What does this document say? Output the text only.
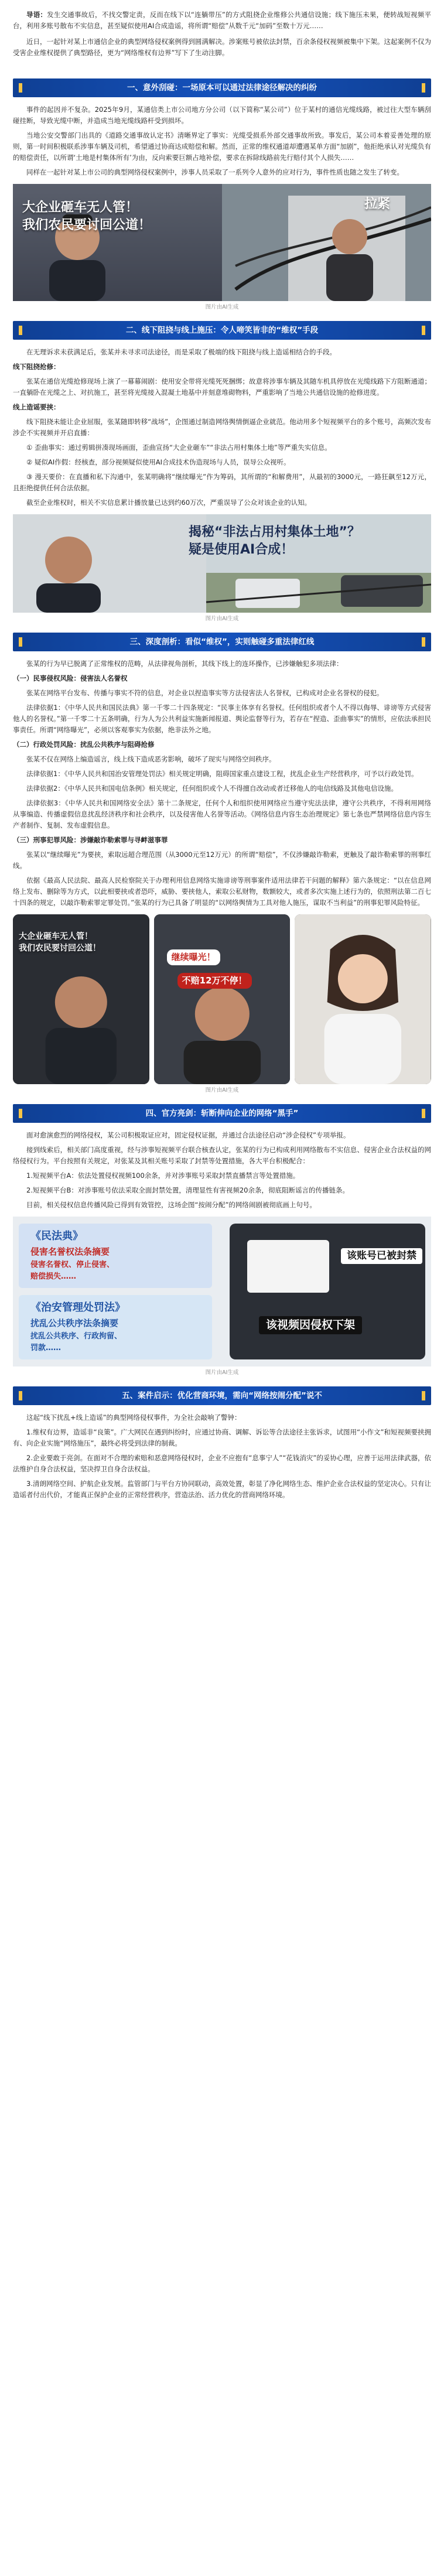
导语：发生交通事故后，不找交警定责，反而在线下以“连躺带压”的方式阻挠企业维修公共通信设施；线下施压未果，便转战短视频平台，利用多账号散布不实信息，甚至疑似使用AI合成造谣，将所谓“赔偿”从数千元“加码”至数十万元……

近日，一起针对某上市通信企业的典型网络侵权案例得到圆满解决。涉案账号被依法封禁，百余条侵权视频被集中下架。这起案例不仅为受害企业维权提供了典型路径，更为“网络维权有边界”写下了生动注脚。

一、意外刮碰：一场原本可以通过法律途径解决的纠纷

事件的起因并不复杂。2025年9月，某通信类上市公司地方分公司（以下简称“某公司”）位于某村的通信光缆线路，被过往大型车辆刮碰挂断，导致光缆中断，并造成当地光缆线路杆受到损坏。

当地公安交警部门出具的《道路交通事故认定书》清晰界定了事实：光缆受损系外部交通事故所致。事发后，某公司本着妥善处理的原则，第一时间积极联系涉事车辆及司机，希望通过协商达成赔偿和解。然而，正常的维权通道却遭遇某单方面“加剧”，他拒绝承认对光缆负有的赔偿责任，以所谓‘土地是村集体所有’为由，反向索要巨额占地补偿，要求在拆除线路前先行赔付其个人损失……

同样在一起针对某上市公司的典型网络侵权案例中，涉事人员采取了一系列令人意外的应对行为，事件性质也随之发生了转变。

大企业砸车无人管！
我们农民要讨回公道！
拉紧
图片由AI生成
二、线下阻挠与线上施压：令人啼笑皆非的“维权”手段

在无理诉求未获满足后，张某并未寻求司法途径，而是采取了极端的线下阻挠与线上造谣相结合的手段。

线下阻挠抢修：

张某在通信光缆抢修现场上演了一幕幕闹剧：使用安全带将光缆死死捆绑；故意将涉事车辆及其随车机具停放在光缆线路下方阻断通道；一直躺卧在光缆之上、对抗施工，甚至将光缆接入混凝土地基中并刻意堆砌物料，严重影响了当地公共通信设施的抢修进度。

线上造谣要挟：

线下阻挠未能让企业屈服，张某随即转移“战场”，企图通过制造网络舆情倒逼企业就范。他动用多个短视频平台的多个账号，高频次发布涉企不实视频并开启直播：

① 歪曲事实：通过剪辑拼凑现场画面，歪曲宣扬“大企业砸车”“非法占用村集体土地”等严重失实信息。

② 疑似AI作假：经核查，部分视频疑似使用AI合成技术伪造现场与人员，误导公众视听。

③ 漫天要价：在直播和私下沟通中，张某明确将“继续曝光”作为筹码，其所谓的“和解费用”，从最初的3000元，一路狂飙至12万元，且拒绝提供任何合法依据。

截至企业维权时，相关不实信息累计播放量已达到约60万次，严重误导了公众对该企业的认知。

揭秘“非法占用村集体土地”？
疑是使用AI合成！
图片由AI生成
三、深度剖析：看似“维权”，实则触碰多重法律红线

张某的行为早已脱离了正常维权的范畴，从法律视角剖析，其线下线上的连环操作，已涉嫌触犯多项法律：

（一）民事侵权风险：侵害法人名誉权

张某在网络平台发布、传播与事实不符的信息，对企业以捏造事实等方法侵害法人名誉权，已构成对企业名誉权的侵犯。

法律依据1：《中华人民共和国民法典》第一千零二十四条规定：“民事主体享有名誉权。任何组织或者个人不得以侮辱、诽谤等方式侵害他人的名誉权。”第一千零二十五条明确，行为人为公共利益实施新闻报道、舆论监督等行为，若存在“捏造、歪曲事实”的情形，应依法承担民事责任。所谓“网络曝光”，必须以客观事实为依据，绝非法外之地。

（二）行政处罚风险：扰乱公共秩序与阻碍抢修

张某不仅在网络上编造谣言，线上线下造成恶劣影响，破坏了现实与网络空间秩序。

法律依据1：《中华人民共和国治安管理处罚法》相关规定明确，阻碍国家重点建设工程，扰乱企业生产经营秩序，可予以行政处罚。

法律依据2：《中华人民共和国电信条例》相关规定，任何组织或个人不得擅自改动或者迁移他人的电信线路及其他电信设施。

法律依据3：《中华人民共和国网络安全法》第十二条规定，任何个人和组织使用网络应当遵守宪法法律，遵守公共秩序，不得利用网络从事编造、传播虚假信息扰乱经济秩序和社会秩序，以及侵害他人名誉等活动。《网络信息内容生态治理规定》第七条也严禁网络信息内容生产者制作、复制、发布虚假信息。

（三）刑事犯罪风险：涉嫌敲诈勒索罪与寻衅滋事罪

张某以“继续曝光”为要挟，索取远超合理范围（从3000元至12万元）的所谓“赔偿”，不仅涉嫌敲诈勒索，更触及了敲诈勒索罪的刑事红线。

依据《最高人民法院、最高人民检察院关于办理利用信息网络实施诽谤等刑事案件适用法律若干问题的解释》第六条规定：“以在信息网络上发布、删除等为方式，以此相要挟或者恐吓，威胁、要挟他人，索取公私财物，数额较大，或者多次实施上述行为的，依照刑法第二百七十四条的规定，以敲诈勒索罪定罪处罚。”张某的行为已具备了明显的“以网络舆情为工具对他人施压，谋取不当利益”的刑事犯罪风险特征。

大企业砸车无人管！
我们农民要讨回公道！
继续曝光！
不赔12万不停！
图片由AI生成
四、官方亮剑：斩断伸向企业的网络“黑手”

面对愈演愈烈的网络侵权，某公司积极取证应对，固定侵权证据，并通过合法途径启动“涉企侵权”专项举报。

接到线索后，相关部门高度重视，经与涉事短视频平台联合核查认定，张某的行为已构成利用网络散布不实信息、侵害企业合法权益的网络侵权行为。平台按照有关规定，对张某及其相关账号采取了封禁等处置措施，各大平台积极配合：

1.短视频平台A：依法处置侵权视频100余条，并对涉事账号采取封禁直播禁言等处置措施。

2.短视频平台B：对涉事账号依法采取全面封禁处置，清理显性有害视频20余条，彻底阻断谣言的传播链条。

目前，相关侵权信息传播风险已得到有效管控，这场企图“按闹分配”的网络闹剧被彻底画上句号。

《民法典》
侵害名誉权法条摘要
侵害名誉权、停止侵害、
赔偿损失……
《治安管理处罚法》
扰乱公共秩序法条摘要
扰乱公共秩序、行政拘留、
罚款……
该账号已被封禁
该视频因侵权下架
图片由AI生成
五、案件启示：优化营商环境，需向“网络按闹分配”说不

这起“线下扰乱+线上造谣”的典型网络侵权事件，为全社会敲响了警钟：

1.维权有边界，造谣非“良策”。广大网民在遇到纠纷时，应通过协商、调解、诉讼等合法途径主张诉求，试图用“小作文”和短视频要挟拥有、向企业实施“网络施压”，最终必将受到法律的制裁。

2.企业要敢于亮剑。在面对不合理的索赔和恶意网络侵权时，企业不应抱有“息事宁人”“花钱消灾”的妥协心理，应善于运用法律武器，依法维护自身合法权益，坚决捍卫自身合法权益。

3.清朗网络空间、护航企业发展。监管部门与平台方协同联动，高效处置，彰显了净化网络生态、维护企业合法权益的坚定决心。只有让造谣者付出代价，才能真正保护企业的正常经营秩序，营造法治、活力优化的营商网络环境。
